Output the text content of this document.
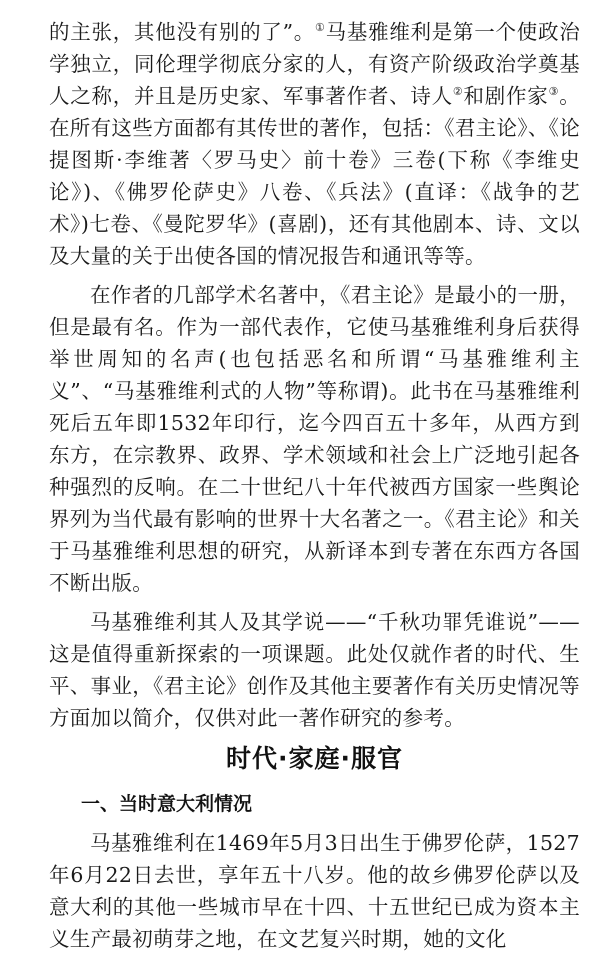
的主张，其他没有别的了”。①马基雅维利是第一个使政治学独立，同伦理学彻底分家的人，有资产阶级政治学奠基人之称，并且是历史家、军事著作者、诗人②和剧作家③。在所有这些方面都有其传世的著作，包括：《君主论》、《论提图斯·李维著〈罗马史〉前十卷》三卷(下称《李维史论》)、《佛罗伦萨史》八卷、《兵法》(直译：《战争的艺术》)七卷、《曼陀罗华》(喜剧)，还有其他剧本、诗、文以及大量的关于出使各国的情况报告和通讯等等。

在作者的几部学术名著中，《君主论》是最小的一册，但是最有名。作为一部代表作，它使马基雅维利身后获得举世周知的名声(也包括恶名和所谓“马基雅维利主义”、“马基雅维利式的人物”等称谓)。此书在马基雅维利死后五年即1532年印行，迄今四百五十多年，从西方到东方，在宗教界、政界、学术领域和社会上广泛地引起各种强烈的反响。在二十世纪八十年代被西方国家一些舆论界列为当代最有影响的世界十大名著之一。《君主论》和关于马基雅维利思想的研究，从新译本到专著在东西方各国不断出版。

马基雅维利其人及其学说——“千秋功罪凭谁说”——这是值得重新探索的一项课题。此处仅就作者的时代、生平、事业，《君主论》创作及其他主要著作有关历史情况等方面加以简介，仅供对此一著作研究的参考。

时代·家庭·服官
一、当时意大利情况

马基雅维利在1469年5月3日出生于佛罗伦萨，1527年6月22日去世，享年五十八岁。他的故乡佛罗伦萨以及意大利的其他一些城市早在十四、十五世纪已成为资本主义生产最初萌芽之地，在文艺复兴时期，她的文化
